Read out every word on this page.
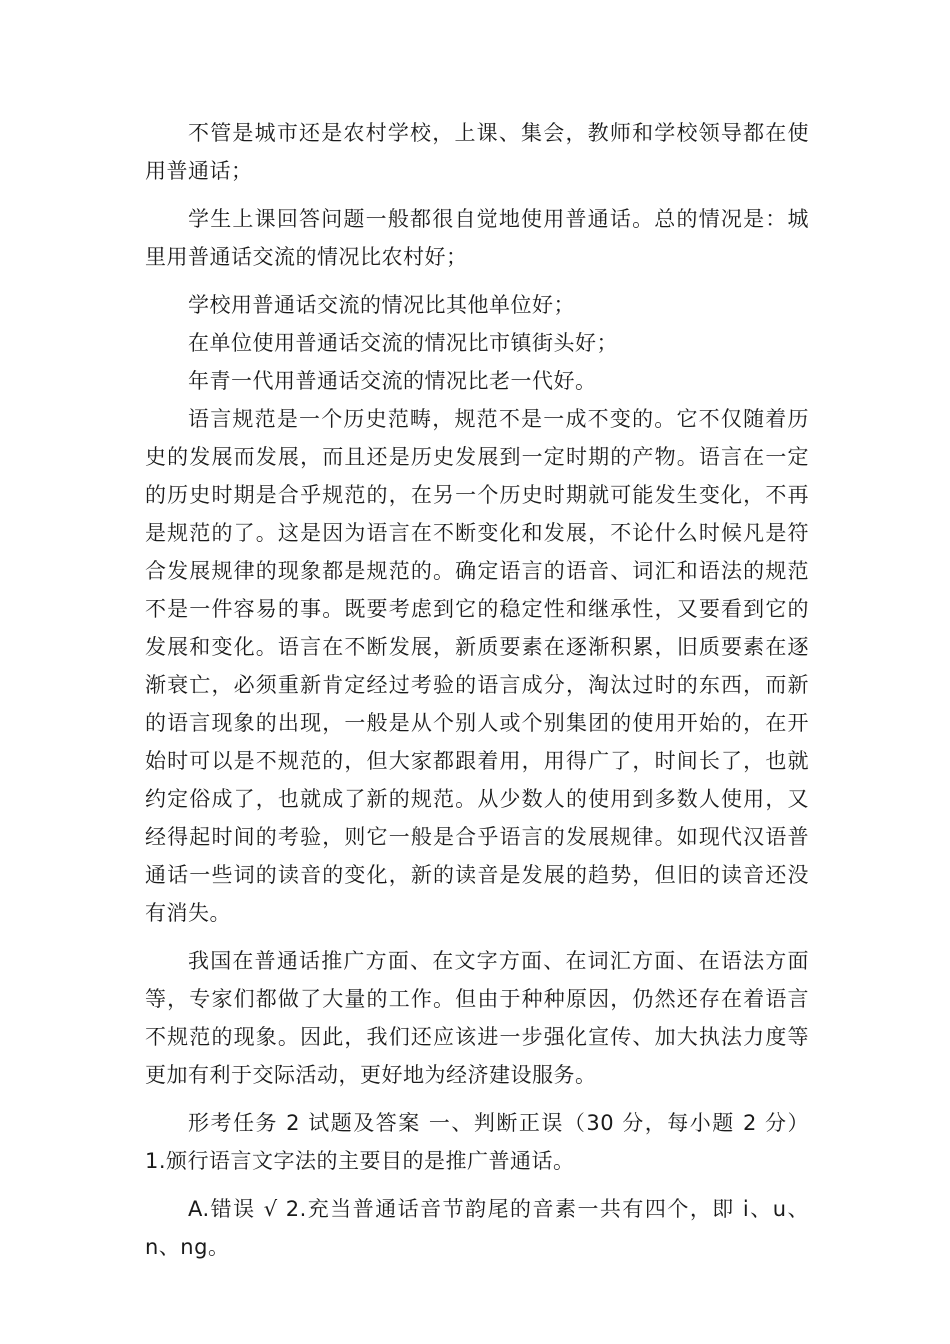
不管是城市还是农村学校，上课、集会，教师和学校领导都在使用普通话；

学生上课回答问题一般都很自觉地使用普通话。总的情况是：城里用普通话交流的情况比农村好；

学校用普通话交流的情况比其他单位好；

在单位使用普通话交流的情况比市镇街头好；

年青一代用普通话交流的情况比老一代好。

语言规范是一个历史范畴，规范不是一成不变的。它不仅随着历史的发展而发展，而且还是历史发展到一定时期的产物。语言在一定的历史时期是合乎规范的，在另一个历史时期就可能发生变化，不再是规范的了。这是因为语言在不断变化和发展，不论什么时候凡是符合发展规律的现象都是规范的。确定语言的语音、词汇和语法的规范不是一件容易的事。既要考虑到它的稳定性和继承性，又要看到它的发展和变化。语言在不断发展，新质要素在逐渐积累，旧质要素在逐渐衰亡，必须重新肯定经过考验的语言成分，淘汰过时的东西，而新的语言现象的出现，一般是从个别人或个别集团的使用开始的，在开始时可以是不规范的，但大家都跟着用，用得广了，时间长了，也就约定俗成了，也就成了新的规范。从少数人的使用到多数人使用，又经得起时间的考验，则它一般是合乎语言的发展规律。如现代汉语普通话一些词的读音的变化，新的读音是发展的趋势，但旧的读音还没有消失。

我国在普通话推广方面、在文字方面、在词汇方面、在语法方面等，专家们都做了大量的工作。但由于种种原因，仍然还存在着语言不规范的现象。因此，我们还应该进一步强化宣传、加大执法力度等更加有利于交际活动，更好地为经济建设服务。

形考任务 2 试题及答案 一、判断正误（30 分，每小题 2 分） 1.颁行语言文字法的主要目的是推广普通话。

A.错误 √ 2.充当普通话音节韵尾的音素一共有四个，即 i、u、n、ng。
